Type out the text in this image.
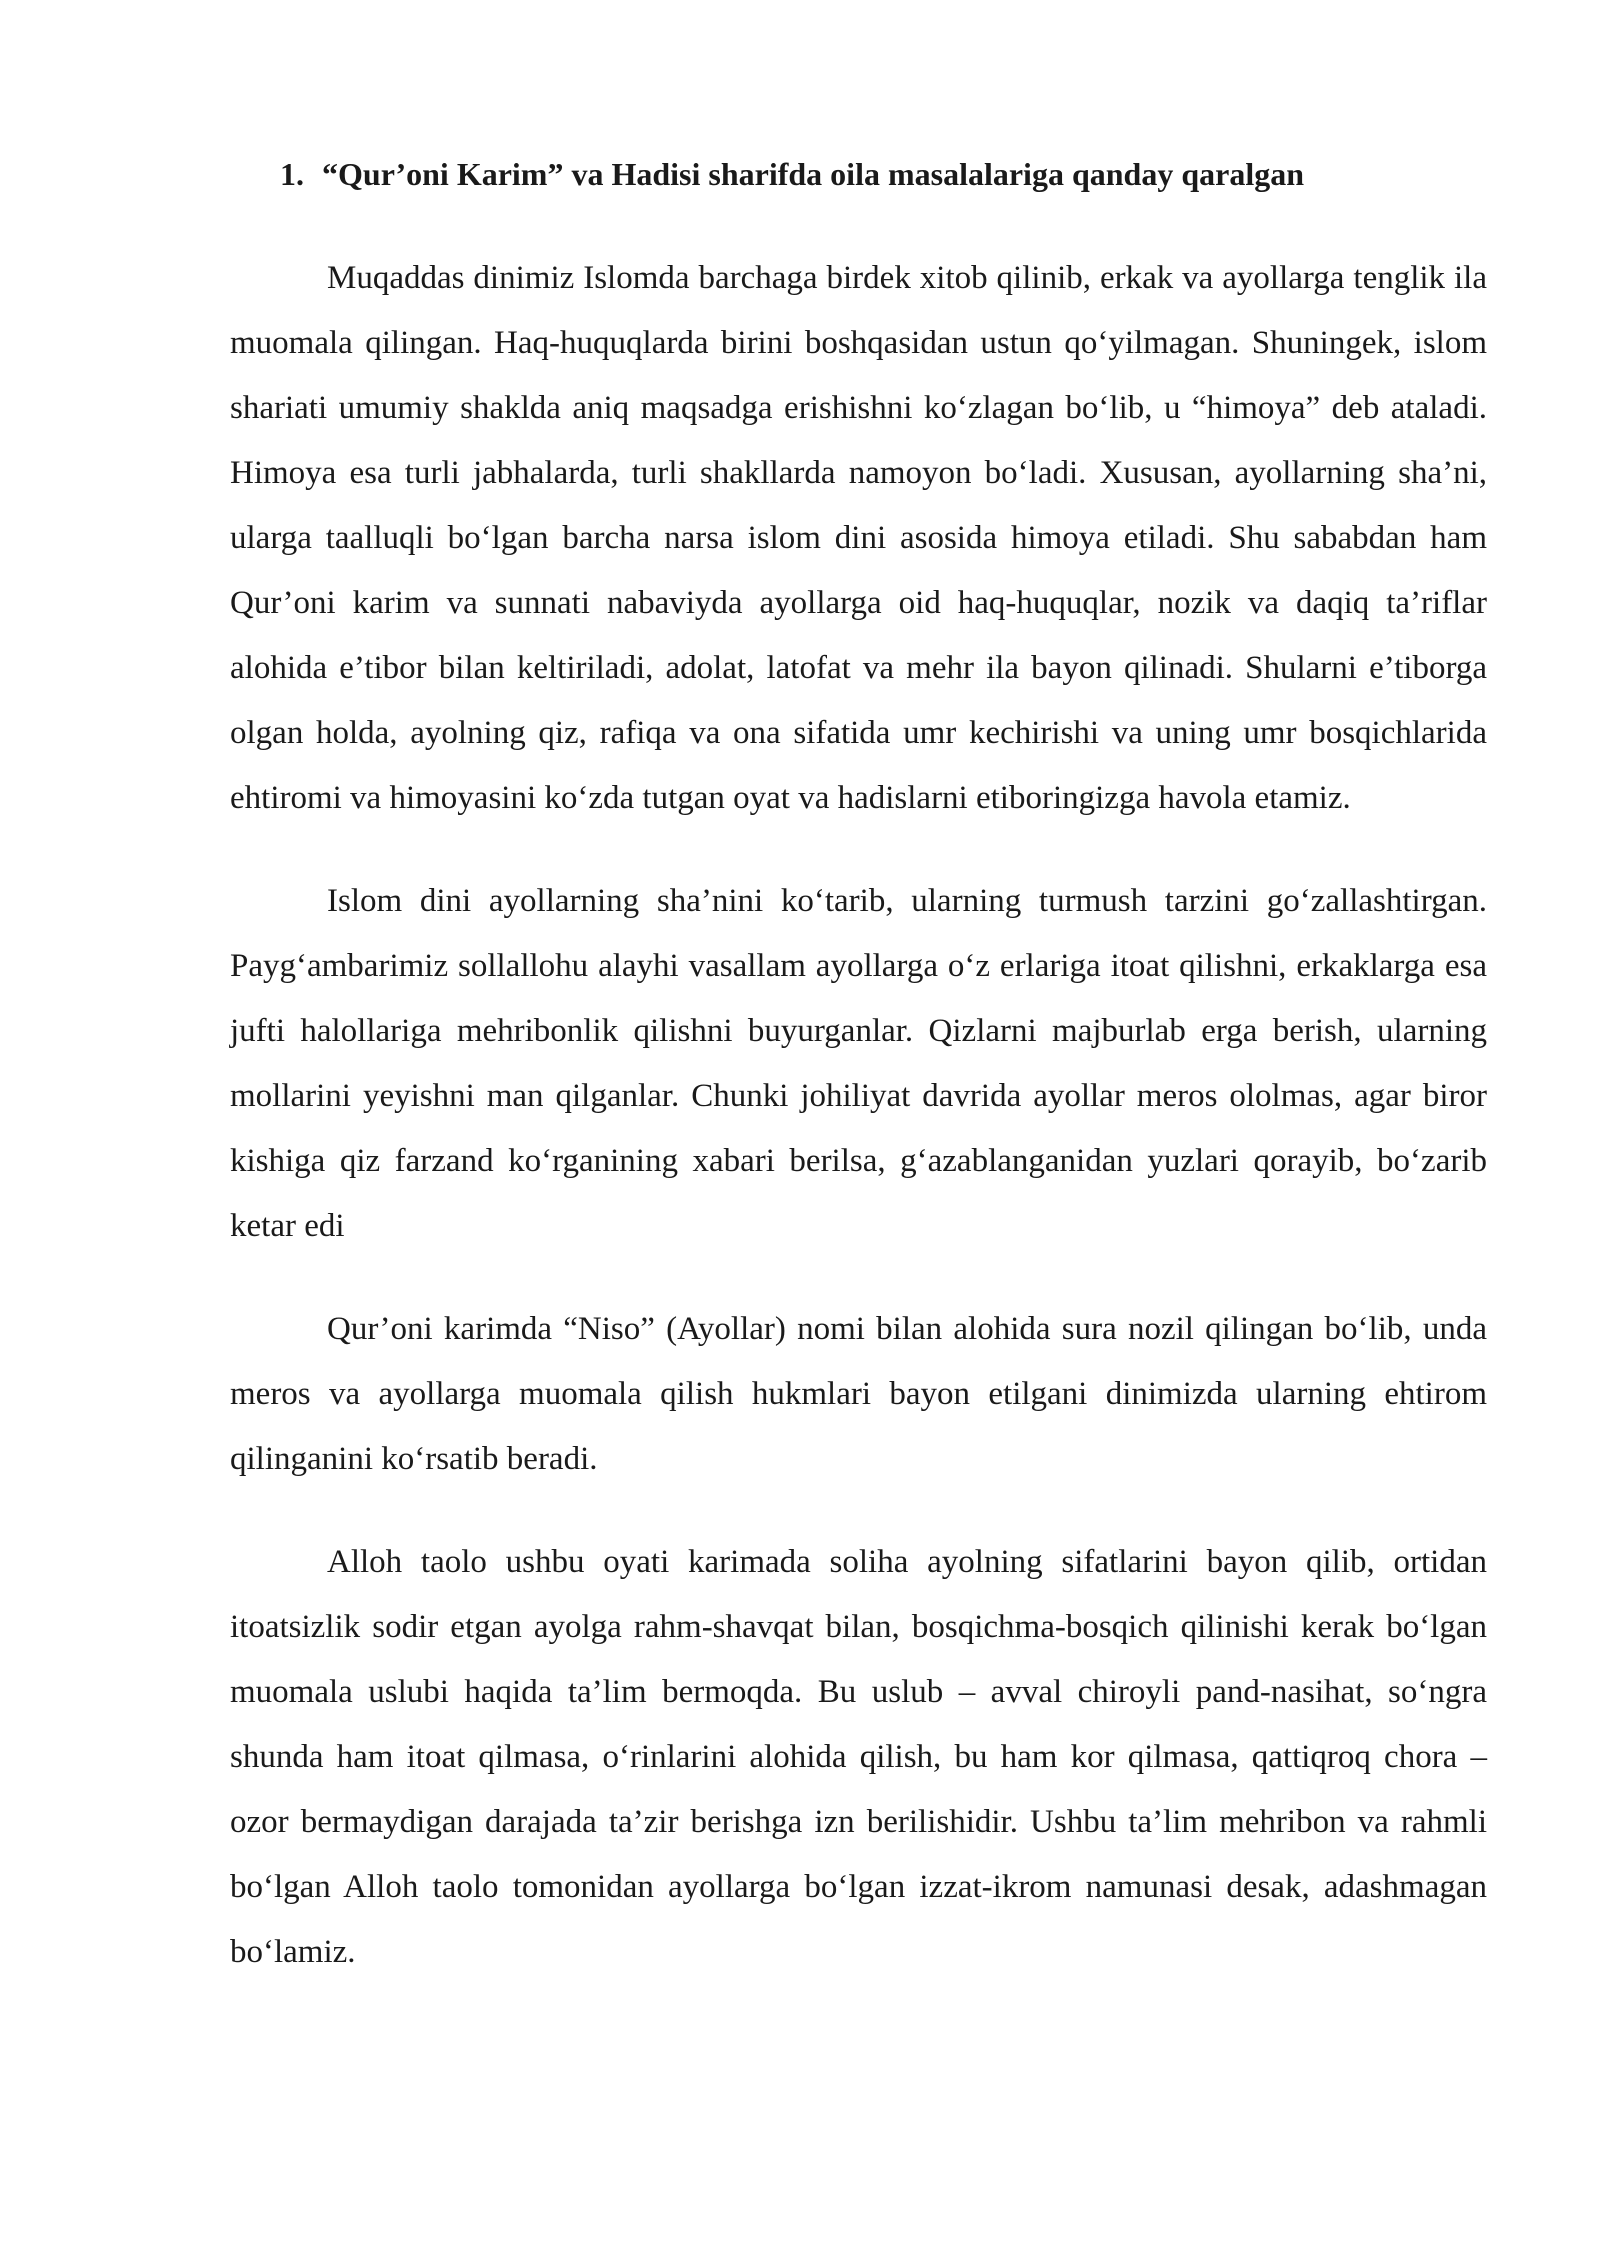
1. “Qur’oni Karim” va Hadisi sharifda oila masalalariga qanday qaralgan

Muqaddas dinimiz Islomda barchaga birdek xitob qilinib, erkak va ayollarga tenglik ila muomala qilingan. Haq-huquqlarda birini boshqasidan ustun qo‘yilmagan. Shuningek, islom shariati umumiy shaklda aniq maqsadga erishishni ko‘zlagan bo‘lib, u “himoya” deb ataladi. Himoya esa turli jabhalarda, turli shakllarda namoyon bo‘ladi. Xususan, ayollarning sha’ni, ularga taalluqli bo‘lgan barcha narsa islom dini asosida himoya etiladi. Shu sababdan ham Qur’oni karim va sunnati nabaviyda ayollarga oid haq-huquqlar, nozik va daqiq ta’riflar alohida e’tibor bilan keltiriladi, adolat, latofat va mehr ila bayon qilinadi. Shularni e’tiborga olgan holda, ayolning qiz, rafiqa va ona sifatida umr kechirishi va uning umr bosqichlarida ehtiromi va himoyasini ko‘zda tutgan oyat va hadislarni etiboringizga havola etamiz.

Islom dini ayollarning sha’nini ko‘tarib, ularning turmush tarzini go‘zallashtirgan. Payg‘ambarimiz sollallohu alayhi vasallam ayollarga o‘z erlariga itoat qilishni, erkaklarga esa jufti halollariga mehribonlik qilishni buyurganlar. Qizlarni majburlab erga berish, ularning mollarini yeyishni man qilganlar. Chunki johiliyat davrida ayollar meros ololmas, agar biror kishiga qiz farzand ko‘rganining xabari berilsa, g‘azablanganidan yuzlari qorayib, bo‘zarib ketar edi

Qur’oni karimda “Niso” (Ayollar) nomi bilan alohida sura nozil qilingan bo‘lib, unda meros va ayollarga muomala qilish hukmlari bayon etilgani dinimizda ularning ehtirom qilinganini ko‘rsatib beradi.

Alloh taolo ushbu oyati karimada soliha ayolning sifatlarini bayon qilib, ortidan itoatsizlik sodir etgan ayolga rahm-shavqat bilan, bosqichma-bosqich qilinishi kerak bo‘lgan muomala uslubi haqida ta’lim bermoqda. Bu uslub – avval chiroyli pand-nasihat, so‘ngra shunda ham itoat qilmasa, o‘rinlarini alohida qilish, bu ham kor qilmasa, qattiqroq chora – ozor bermaydigan darajada ta’zir berishga izn berilishidir. Ushbu ta’lim mehribon va rahmli bo‘lgan Alloh taolo tomonidan ayollarga bo‘lgan izzat-ikrom namunasi desak, adashmagan bo‘lamiz.
